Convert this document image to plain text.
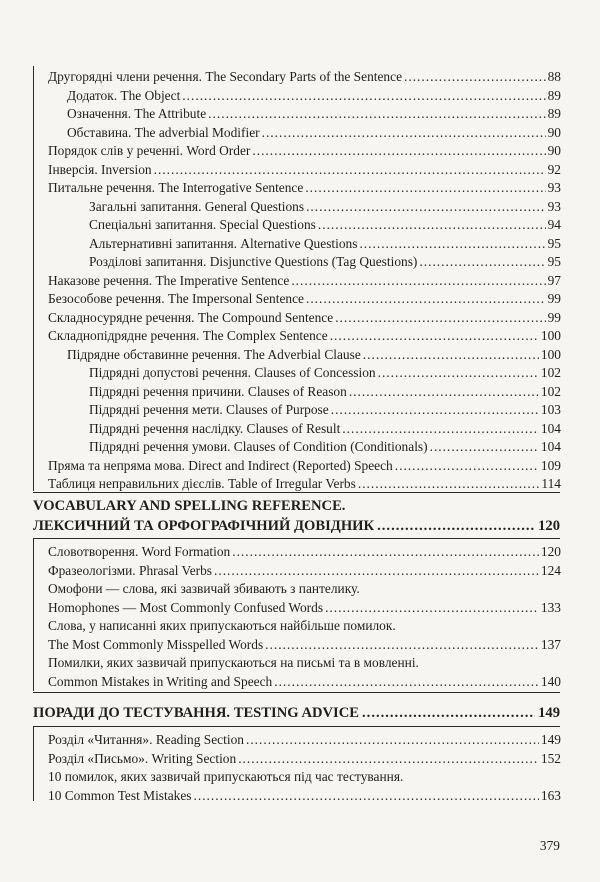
Другорядні члени речення. The Secondary Parts of the Sentence .....	88
Додаток. The Object .....	89
Означення. The Attribute .....	89
Обставина. The adverbial Modifier .....	90
Порядок слів у реченні. Word Order .....	90
Інверсія. Inversion .....	92
Питальне речення. The Interrogative Sentence .....	93
Загальні запитання. General Questions .....	93
Спеціальні запитання. Special Questions .....	94
Альтернативні запитання. Alternative Questions .....	95
Розділові запитання. Disjunctive Questions (Tag Questions) .....	95
Наказове речення. The Imperative Sentence .....	97
Безособове речення. The Impersonal Sentence .....	99
Складносурядне речення. The Compound Sentence .....	99
Складнопідрядне речення. The Complex Sentence .....	100
Підрядне обставинне речення. The Adverbial Clause .....	100
Підрядні допустові речення. Clauses of Concession .....	102
Підрядні речення причини. Clauses of Reason .....	102
Підрядні речення мети. Clauses of Purpose .....	103
Підрядні речення наслідку. Clauses of Result .....	104
Підрядні речення умови. Clauses of Condition (Conditionals) .....	104
Пряма та непряма мова. Direct and Indirect (Reported) Speech .....	109
Таблиця неправильних дієслів. Table of Irregular Verbs .....	114
VOCABULARY AND SPELLING REFERENCE.
ЛЕКСИЧНИЙ ТА ОРФОГРАФІЧНИЙ ДОВІДНИК .....	120
Словотворення. Word Formation .....	120
Фразеологізми. Phrasal Verbs .....	124
Омофони — слова, які зазвичай збивають з пантелику.
Homophones — Most Commonly Confused Words .....	133
Слова, у написанні яких припускаються найбільше помилок.
The Most Commonly Misspelled Words .....	137
Помилки, яких зазвичай припускаються на письмі та в мовленні.
Common Mistakes in Writing and Speech .....	140
ПОРАДИ ДО ТЕСТУВАННЯ. TESTING ADVICE .....	149
Розділ «Читання». Reading Section .....	149
Розділ «Письмо». Writing Section .....	152
10 помилок, яких зазвичай припускаються під час тестування.
10 Common Test Mistakes .....	163
379
